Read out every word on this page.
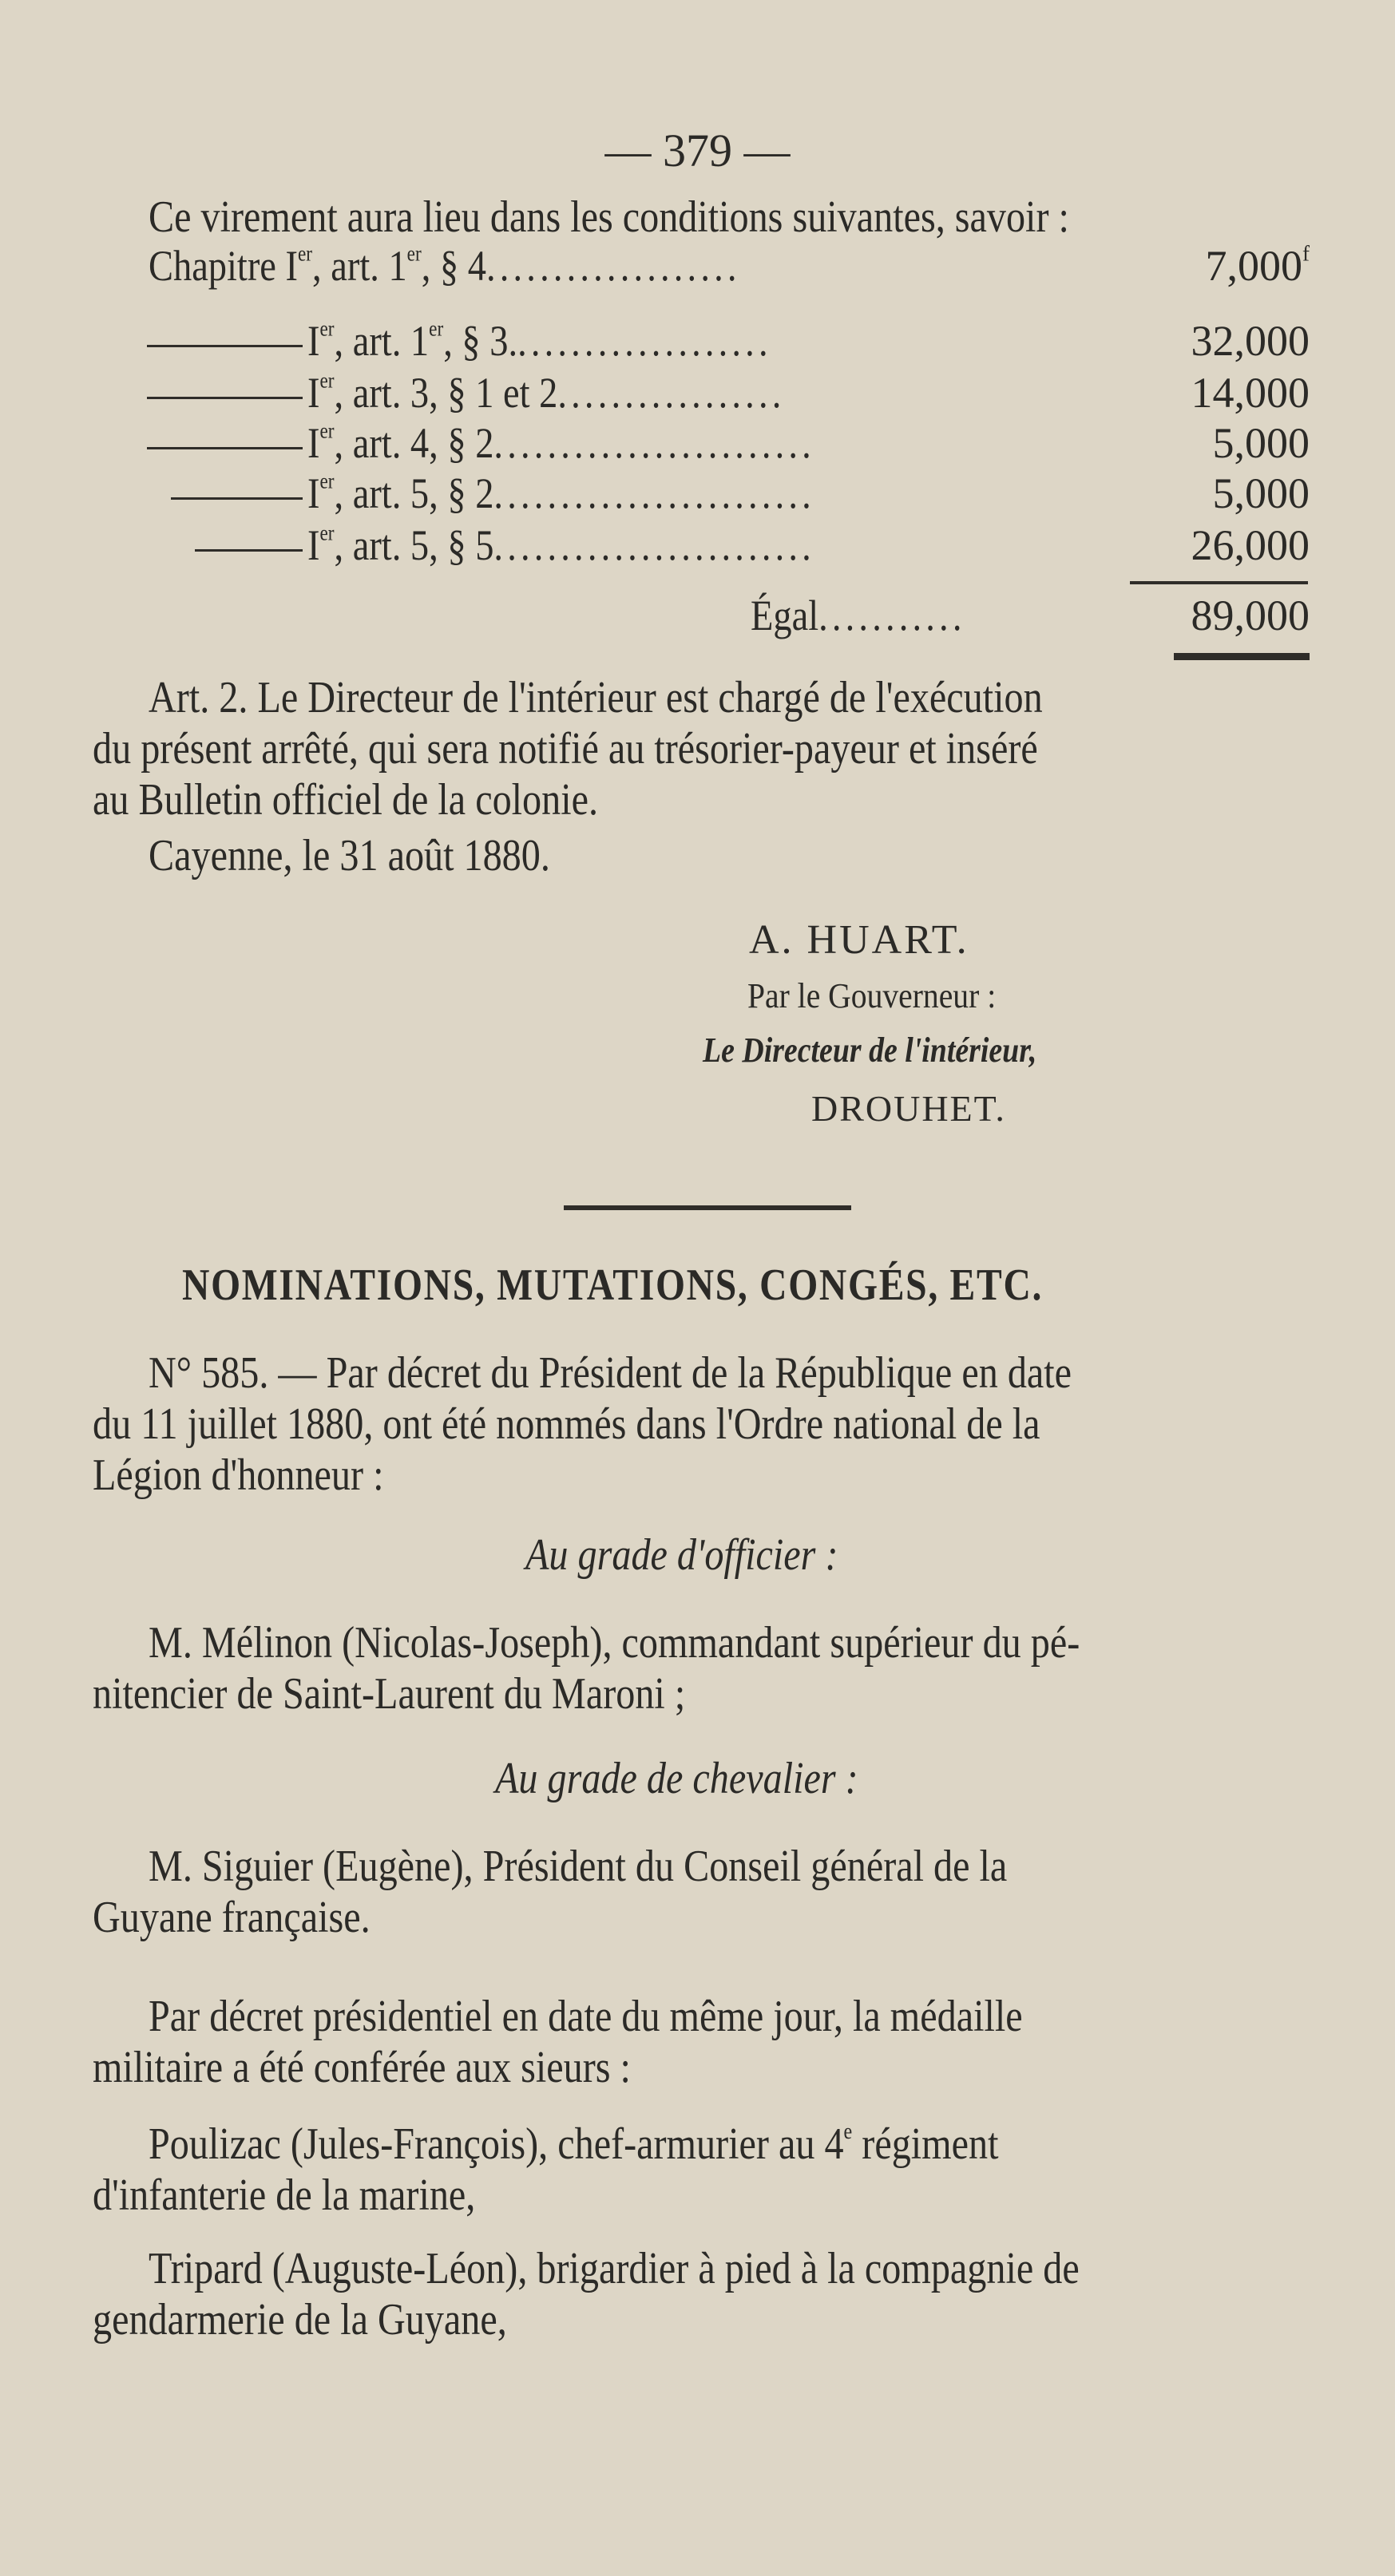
— 379 —
Ce virement aura lieu dans les conditions suivantes, savoir :
Chapitre Ier, art. 1er, § 4...................	7,000$^f$
Ier, art. 1er, § 3....................	32,000
Ier, art. 3, § 1 et 2.................	14,000
Ier, art. 4, § 2........................	5,000
Ier, art. 5, § 2........................	5,000
Ier, art. 5, § 5........................	26,000
Égal...........	89,000
Art. 2. Le Directeur de l'intérieur est chargé de l'exécution
du présent arrêté, qui sera notifié au trésorier-payeur et inséré
au Bulletin officiel de la colonie.
Cayenne, le 31 août 1880.
A. HUART.
Par le Gouverneur :
Le Directeur de l'intérieur,
DROUHET.
NOMINATIONS, MUTATIONS, CONGÉS, ETC.
N° 585. — Par décret du Président de la République en date
du 11 juillet 1880, ont été nommés dans l'Ordre national de la
Légion d'honneur :
Au grade d'officier :
M. Mélinon (Nicolas-Joseph), commandant supérieur du pé-
nitencier de Saint-Laurent du Maroni ;
Au grade de chevalier :
M. Siguier (Eugène), Président du Conseil général de la
Guyane française.
Par décret présidentiel en date du même jour, la médaille
militaire a été conférée aux sieurs :
Poulizac (Jules-François), chef-armurier au 4e régiment
d'infanterie de la marine,
Tripard (Auguste-Léon), brigardier à pied à la compagnie de
gendarmerie de la Guyane,
